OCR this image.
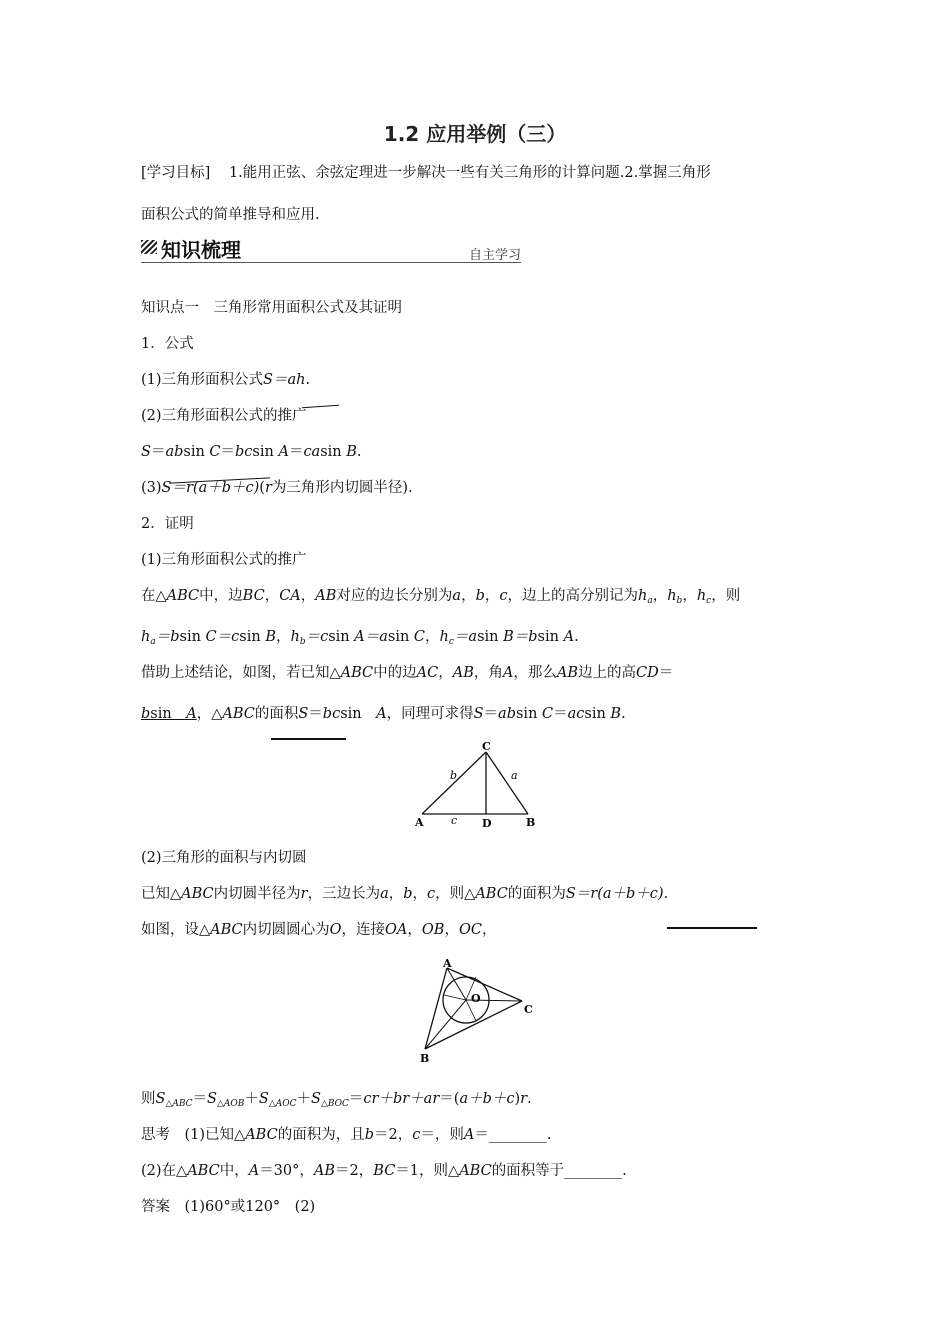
1.2 应用举例（三）
[学习目标] 1.能用正弦、余弦定理进一步解决一些有关三角形的计算问题.2.掌握三角形
面积公式的简单推导和应用.
知识梳理	自主学习
知识点一　三角形常用面积公式及其证明
1．公式
(1)三角形面积公式S＝ah.
(2)三角形面积公式的推广
S＝absin C＝bcsin A＝casin B.
(3)S＝r(a＋b＋c)(r为三角形内切圆半径).
2．证明
(1)三角形面积公式的推广
在△ABC中，边BC，CA，AB对应的边长分别为a，b，c，边上的高分别记为$h_a$，$h_b$，$h_c$，则
$h_a=bsin$ C＝csin B，$h_b=csin$ A＝asin C，$h_c=asin$ B＝bsin A.
借助上述结论，如图，若已知△ABC中的边AC，AB，角A，那么AB边上的高CD＝
bsin　A，△ABC的面积S＝bcsin　A，同理可求得S＝absin C＝acsin B.
C
A	B
D
a
b
c
(2)三角形的面积与内切圆
已知△ABC内切圆半径为r，三边长为a，b，c，则△ABC的面积为S＝r(a＋b＋c).
如图，设△ABC内切圆圆心为O，连接OA，OB，OC，
A
B
C
O
则$S_{\triangle ABC}=S_{\triangle AOB}+S_{\triangle AOC}+S_{\triangle BOC}=cr+br+ar=(a+b+c)r$.
思考　(1)已知△ABC的面积为，且b＝2，c＝，则A＝________.
(2)在△ABC中，A＝30°，AB＝2，BC＝1，则△ABC的面积等于________.
答案　(1)60°或120°　(2)
